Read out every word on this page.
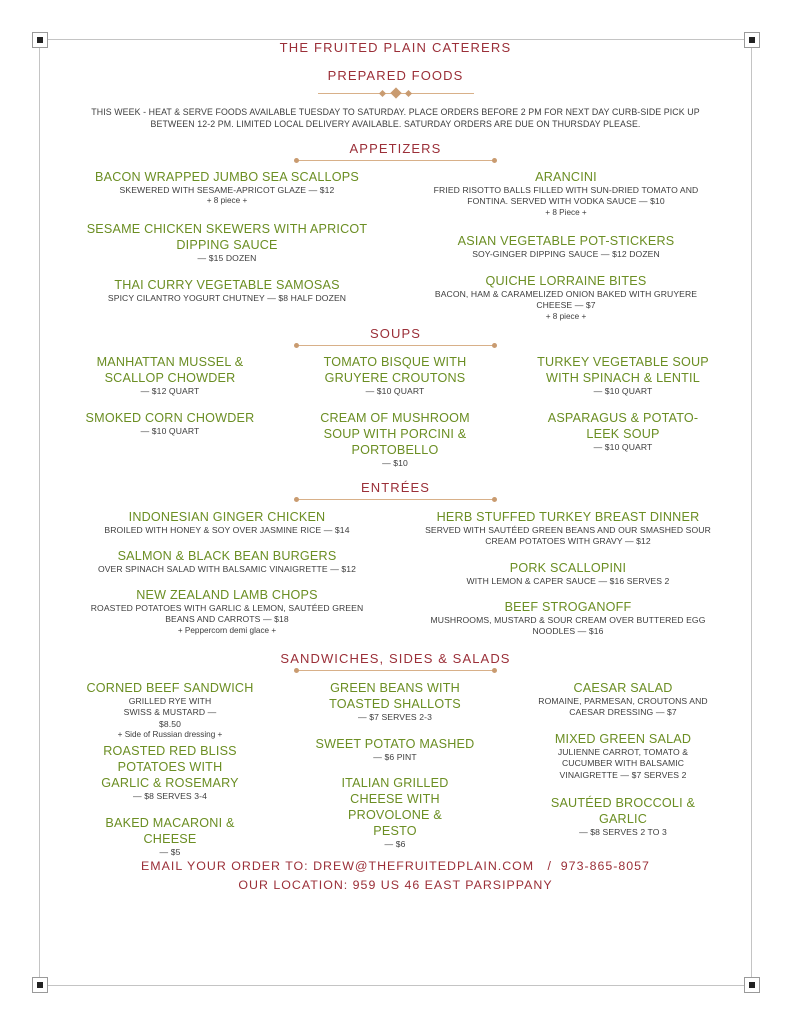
THE FRUITED PLAIN CATERERS
PREPARED FOODS
THIS WEEK - HEAT & SERVE FOODS AVAILABLE TUESDAY TO SATURDAY. PLACE ORDERS BEFORE 2 PM FOR NEXT DAY CURB-SIDE PICK UP BETWEEN 12-2 PM. LIMITED LOCAL DELIVERY AVAILABLE. SATURDAY ORDERS ARE DUE ON THURSDAY PLEASE.
APPETIZERS
BACON WRAPPED JUMBO SEA SCALLOPS
SKEWERED WITH SESAME-APRICOT GLAZE — $12
+ 8 piece +
SESAME CHICKEN SKEWERS WITH APRICOT DIPPING SAUCE
— $15 DOZEN
THAI CURRY VEGETABLE SAMOSAS
SPICY CILANTRO YOGURT CHUTNEY — $8 HALF DOZEN
ARANCINI
FRIED RISOTTO BALLS FILLED WITH SUN-DRIED TOMATO AND FONTINA. SERVED WITH VODKA SAUCE — $10
+ 8 Piece +
ASIAN VEGETABLE POT-STICKERS
SOY-GINGER DIPPING SAUCE — $12 DOZEN
QUICHE LORRAINE BITES
BACON, HAM & CARAMELIZED ONION BAKED WITH GRUYERE CHEESE — $7
+ 8 piece +
SOUPS
MANHATTAN MUSSEL & SCALLOP CHOWDER
— $12 QUART
SMOKED CORN CHOWDER
— $10 QUART
TOMATO BISQUE WITH GRUYERE CROUTONS
— $10 QUART
CREAM OF MUSHROOM SOUP WITH PORCINI & PORTOBELLO
— $10
TURKEY VEGETABLE SOUP WITH SPINACH & LENTIL
— $10 QUART
ASPARAGUS & POTATO-LEEK SOUP
— $10 QUART
ENTRÉES
INDONESIAN GINGER CHICKEN
BROILED WITH HONEY & SOY OVER JASMINE RICE — $14
SALMON & BLACK BEAN BURGERS
OVER SPINACH SALAD WITH BALSAMIC VINAIGRETTE — $12
NEW ZEALAND LAMB CHOPS
ROASTED POTATOES WITH GARLIC & LEMON, SAUTÉED GREEN BEANS AND CARROTS — $18
+ Peppercorn demi glace +
HERB STUFFED TURKEY BREAST DINNER
SERVED WITH SAUTÉED GREEN BEANS AND OUR SMASHED SOUR CREAM POTATOES WITH GRAVY — $12
PORK SCALLOPINI
WITH LEMON & CAPER SAUCE — $16 SERVES 2
BEEF STROGANOFF
MUSHROOMS, MUSTARD & SOUR CREAM OVER BUTTERED EGG NOODLES — $16
SANDWICHES, SIDES & SALADS
CORNED BEEF SANDWICH
GRILLED RYE WITH SWISS & MUSTARD — $8.50
+ Side of Russian dressing +
ROASTED RED BLISS POTATOES WITH GARLIC & ROSEMARY
— $8 SERVES 3-4
BAKED MACARONI & CHEESE
— $5
GREEN BEANS WITH TOASTED SHALLOTS
— $7 SERVES 2-3
SWEET POTATO MASHED
— $6 PINT
ITALIAN GRILLED CHEESE WITH PROVOLONE & PESTO
— $6
CAESAR SALAD
ROMAINE, PARMESAN, CROUTONS AND CAESAR DRESSING — $7
MIXED GREEN SALAD
JULIENNE CARROT, TOMATO & CUCUMBER WITH BALSAMIC VINAIGRETTE — $7 SERVES 2
SAUTÉED BROCCOLI & GARLIC
— $8 SERVES 2 TO 3
EMAIL YOUR ORDER TO: DREW@THEFRUITEDPLAIN.COM   /  973-865-8057
OUR LOCATION: 959 US 46 EAST PARSIPPANY
